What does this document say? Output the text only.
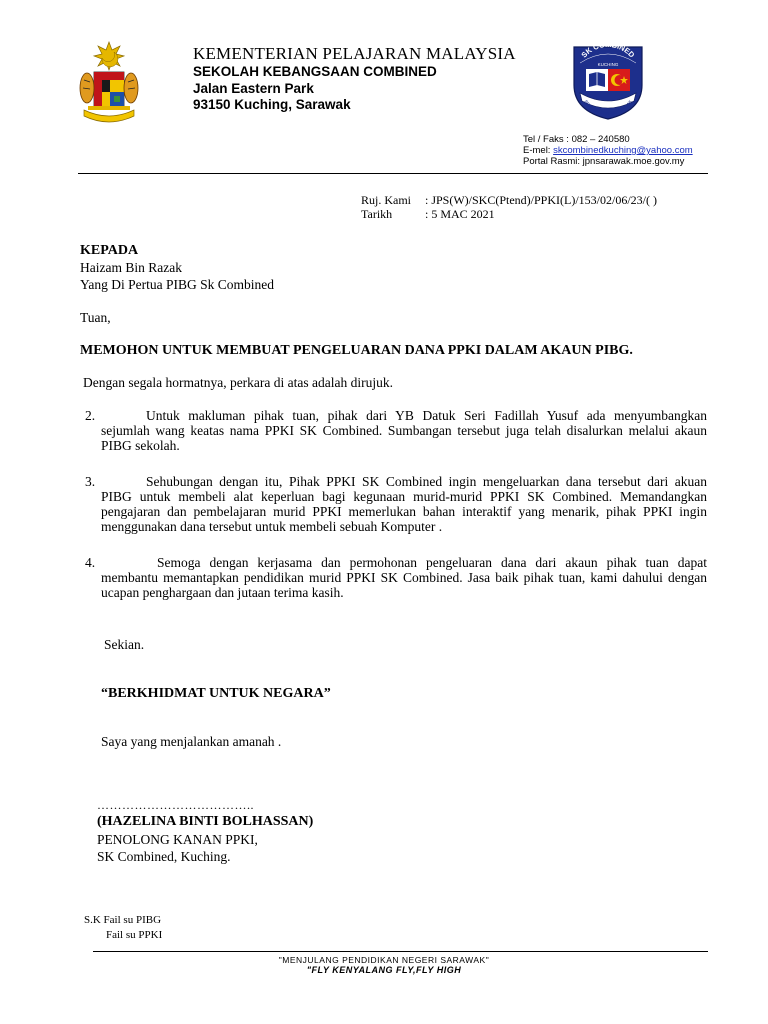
KEMENTERIAN PELAJARAN MALAYSIA
SEKOLAH KEBANGSAAN COMBINED
Jalan Eastern Park
93150 Kuching, Sarawak
SK COMBINED
KUCHING
BERILMU DAN BERAKHLAK
Tel / Faks : 082 – 240580
E-mel: skcombinedkuching@yahoo.com
Portal Rasmi: jpnsarawak.moe.gov.my
Ruj. Kami : JPS(W)/SKC(Ptend)/PPKI(L)/153/02/06/23/( )
Tarikh	: 5 MAC 2021
KEPADA
Haizam Bin Razak
Yang Di Pertua PIBG Sk Combined
Tuan,
MEMOHON UNTUK MEMBUAT PENGELUARAN DANA PPKI DALAM AKAUN PIBG.
Dengan segala hormatnya, perkara di atas adalah dirujuk.
2.	Untuk makluman pihak tuan, pihak dari YB Datuk Seri Fadillah Yusuf ada menyumbangkan
sejumlah wang keatas nama PPKI SK Combined. Sumbangan tersebut juga telah disalurkan melalui akaun PIBG sekolah.
3.	Sehubungan dengan itu, Pihak PPKI SK Combined ingin mengeluarkan dana tersebut dari akuan
PIBG untuk membeli alat keperluan bagi kegunaan murid-murid PPKI SK Combined. Memandangkan pengajaran dan pembelajaran murid PPKI memerlukan bahan interaktif yang menarik, pihak PPKI ingin menggunakan dana tersebut untuk membeli sebuah Komputer .
4.	Semoga dengan kerjasama dan permohonan pengeluaran dana dari akaun pihak tuan dapat
membantu memantapkan pendidikan murid PPKI SK Combined. Jasa baik pihak tuan, kami dahului dengan ucapan penghargaan dan jutaan terima kasih.
Sekian.
“BERKHIDMAT UNTUK NEGARA”
Saya yang menjalankan amanah .
………………………………..
(HAZELINA BINTI BOLHASSAN)
PENOLONG KANAN PPKI,
SK Combined, Kuching.
S.K Fail su PIBG
Fail su PPKI
"MENJULANG PENDIDIKAN NEGERI SARAWAK"
"FLY KENYALANG FLY,FLY HIGH
